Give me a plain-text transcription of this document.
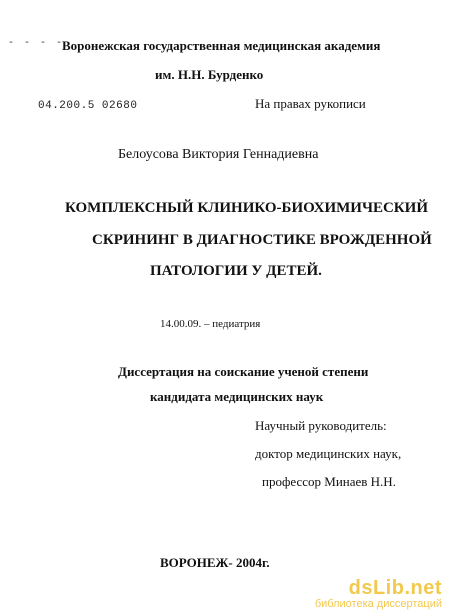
- - - -
Воронежская государственная медицинская академия
им. Н.Н. Бурденко
04.200.5 02680	На правах рукописи
Белоусова Виктория Геннадиевна
КОМПЛЕКСНЫЙ КЛИНИКО-БИОХИМИЧЕСКИЙ
СКРИНИНГ В ДИАГНОСТИКЕ ВРОЖДЕННОЙ
ПАТОЛОГИИ У ДЕТЕЙ.
14.00.09. – педиатрия
Диссертация на соискание ученой степени
кандидата медицинских наук
Научный руководитель:
доктор медицинских наук,
профессор Минаев Н.Н.
ВОРОНЕЖ- 2004г.
dsLib.net
библиотека диссертаций
